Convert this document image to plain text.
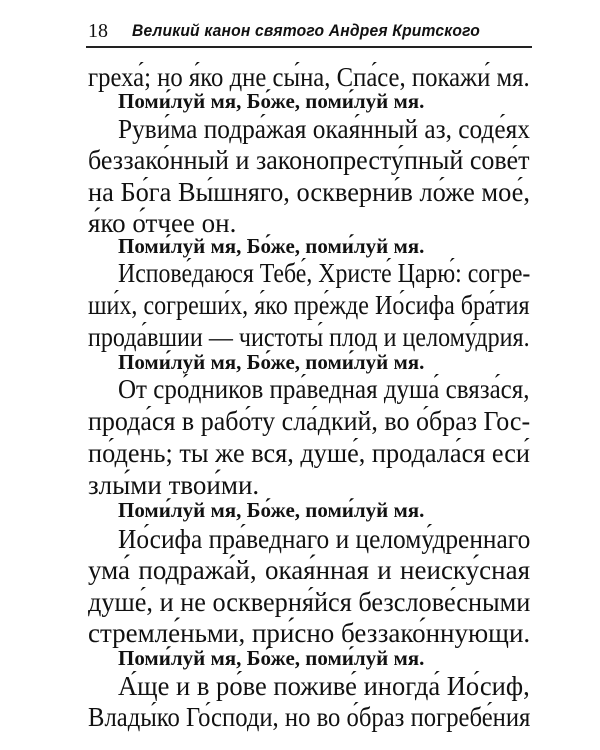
18 Великий канон святого Андрея Критского
греха́; но я́ко дне сы́на, Спа́се, покажи́ мя.
Поми́луй мя, Бо́же, поми́луй мя.
Руви́ма подра́жая окая́нный аз, соде́ях
беззако́нный и законопресту́пный сове́т
на Бо́га Вы́шняго, оскверни́в ло́же мое́,
я́ко о́тчее он.
Поми́луй мя, Бо́же, поми́луй мя.
Испове́даюся Тебе́, Христе́ Царю́: согре-
ши́х, согреши́х, я́ко пре́жде Ио́сифа бра́тия
прода́вшии — чистоты́ плод и целому́дрия.
Поми́луй мя, Бо́же, поми́луй мя.
От сро́дников пра́ведная душа́ связа́ся,
прода́ся в рабо́ту сла́дкий, во о́браз Гос-
по́день; ты же вся, душе́, продала́ся еси́
злы́ми твои́ми.
Поми́луй мя, Бо́же, поми́луй мя.
Ио́сифа пра́веднаго и целому́дреннаго
ума́ подража́й, окая́нная и неиску́сная
душе́, и не оскверня́йся безслове́сными
стремле́ньми, при́сно беззако́ннующи.
Поми́луй мя, Бо́же, поми́луй мя.
А́ще и в ро́ве поживе́ иногда́ Ио́сиф,
Влады́ко Го́споди, но во о́браз погребе́ния
